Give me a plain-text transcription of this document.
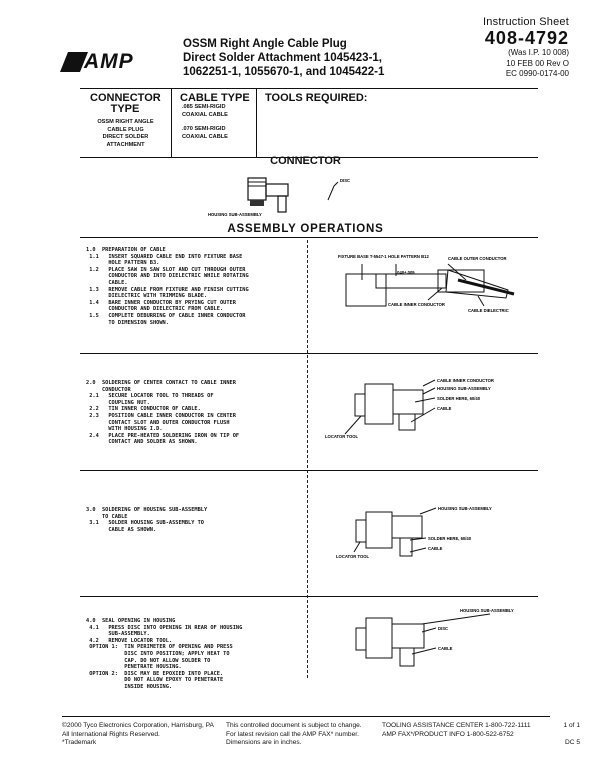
AMP
OSSM Right Angle Cable Plug
Direct Solder Attachment 1045423-1,
1062251-1, 1055670-1, and 1045422-1
Instruction Sheet
408-4792
(Was I.P. 10 008)
10 FEB 00 Rev O
EC 0990-0174-00
CONNECTOR TYPE
OSSM RIGHT ANGLE
CABLE PLUG
DIRECT SOLDER
ATTACHMENT
CABLE TYPE
.085 SEMI-RIGID
COAXIAL CABLE
.070 SEMI-RIGID
COAXIAL CABLE
TOOLS REQUIRED:
CONNECTOR
DISC
HOUSING SUB-ASSEMBLY
ASSEMBLY OPERATIONS
1.0  PREPARATION OF CABLE
1.1   INSERT SQUARED CABLE END INTO FIXTURE BASE
HOLE PATTERN B3.
1.2   PLACE SAW IN SAW SLOT AND CUT THROUGH OUTER
CONDUCTOR AND INTO DIELECTRIC WHILE ROTATING
CABLE.
1.3   REMOVE CABLE FROM FIXTURE AND FINISH CUTTING
DIELECTRIC WITH TRIMMING BLADE.
1.4   BARE INNER CONDUCTOR BY PRYING CUT OUTER
CONDUCTOR AND DIELECTRIC FROM CABLE.
1.5   COMPLETE DEBURRING OF CABLE INNER CONDUCTOR
TO DIMENSION SHOWN.
FIXTURE BASE T-5547-1 HOLE PATTERN B12
.040±.005
CABLE OUTER CONDUCTOR
CABLE INNER CONDUCTOR
CABLE DIELECTRIC
2.0  SOLDERING OF CENTER CONTACT TO CABLE INNER
CONDUCTOR
2.1   SECURE LOCATOR TOOL TO THREADS OF
COUPLING NUT.
2.2   TIN INNER CONDUCTOR OF CABLE.
2.3   POSITION CABLE INNER CONDUCTOR IN CENTER
CONTACT SLOT AND OUTER CONDUCTOR FLUSH
WITH HOUSING I.D.
2.4   PLACE PRE-HEATED SOLDERING IRON ON TIP OF
CONTACT AND SOLDER AS SHOWN.
CABLE INNER CONDUCTOR
HOUSING SUB-ASSEMBLY
SOLDER HERE, 60/40
CABLE
LOCATOR TOOL
3.0  SOLDERING OF HOUSING SUB-ASSEMBLY
TO CABLE
3.1   SOLDER HOUSING SUB-ASSEMBLY TO
CABLE AS SHOWN.
HOUSING SUB-ASSEMBLY
SOLDER HERE, 60/40
CABLE
LOCATOR TOOL
4.0  SEAL OPENING IN HOUSING
4.1   PRESS DISC INTO OPENING IN REAR OF HOUSING
SUB-ASSEMBLY.
4.2   REMOVE LOCATOR TOOL.
OPTION 1:  TIN PERIMETER OF OPENING AND PRESS
DISC INTO POSITION; APPLY HEAT TO
CAP. DO NOT ALLOW SOLDER TO
PENETRATE HOUSING.
OPTION 2:  DISC MAY BE EPOXIED INTO PLACE.
DO NOT ALLOW EPOXY TO PENETRATE
INSIDE HOUSING.
HOUSING SUB-ASSEMBLY
DISC
CABLE
©2000 Tyco Electronics Corporation, Harrisburg, PA
All International Rights Reserved.
*Trademark
This controlled document is subject to change.
For latest revision call the AMP FAX* number.
Dimensions are in inches.
TOOLING ASSISTANCE CENTER 1-800-722-1111
AMP FAX*/PRODUCT INFO 1-800-522-6752
1 of 1
DC 5
